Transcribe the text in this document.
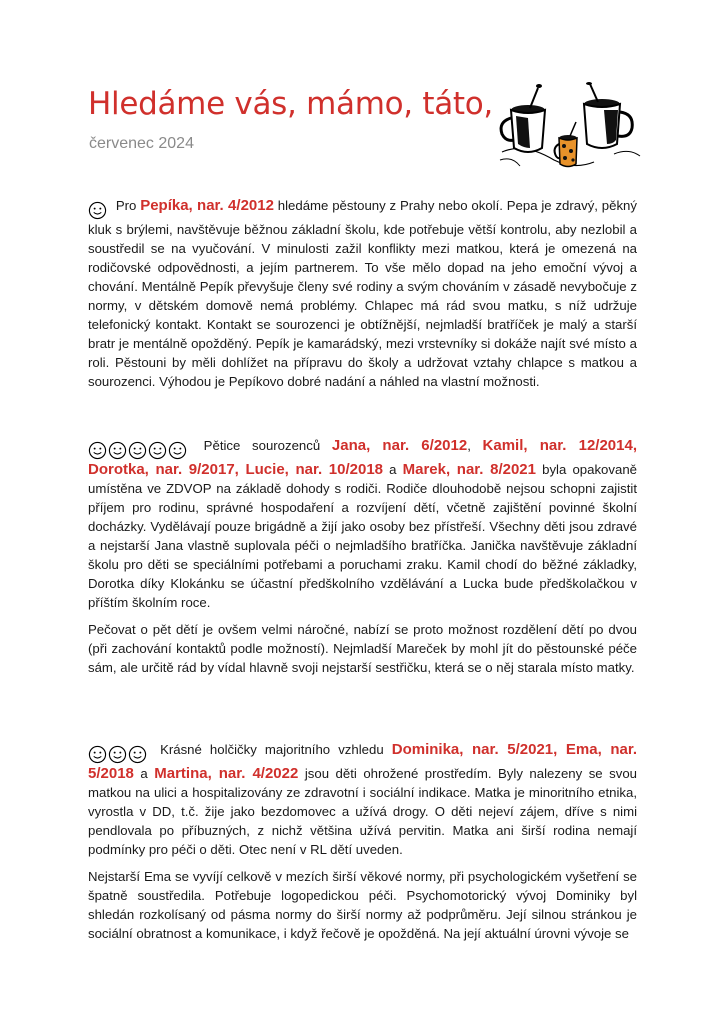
Hledáme vás, mámo, táto,
červenec 2024

Pro Pepíka, nar. 4/2012 hledáme pěstouny z Prahy nebo okolí. Pepa je zdravý, pěkný kluk s brýlemi, navštěvuje běžnou základní školu, kde potřebuje větší kontrolu, aby nezlobil a soustředil se na vyučování. V minulosti zažil konflikty mezi matkou, která je omezená na rodičovské odpovědnosti, a jejím partnerem. To vše mělo dopad na jeho emoční vývoj a chování. Mentálně Pepík převyšuje členy své rodiny a svým chováním v zásadě nevybočuje z normy, v dětském domově nemá problémy. Chlapec má rád svou matku, s níž udržuje telefonický kontakt. Kontakt se sourozenci je obtížnější, nejmladší bratříček je malý a starší bratr je mentálně opožděný. Pepík je kamarádský, mezi vrstevníky si dokáže najít své místo a roli. Pěstouni by měli dohlížet na přípravu do školy a udržovat vztahy chlapce s matkou a sourozenci. Výhodou je Pepíkovo dobré nadání a náhled na vlastní možnosti.

Pětice sourozenců Jana, nar. 6/2012, Kamil, nar. 12/2014, Dorotka, nar. 9/2017, Lucie, nar. 10/2018 a Marek, nar. 8/2021 byla opakovaně umístěna ve ZDVOP na základě dohody s rodiči. Rodiče dlouhodobě nejsou schopni zajistit příjem pro rodinu, správné hospodaření a rozvíjení dětí, včetně zajištění povinné školní docházky. Vydělávají pouze brigádně a žijí jako osoby bez přístřeší. Všechny děti jsou zdravé a nejstarší Jana vlastně suplovala péči o nejmladšího bratříčka. Janička navštěvuje základní školu pro děti se speciálními potřebami a poruchami zraku. Kamil chodí do běžné základky, Dorotka díky Klokánku se účastní předškolního vzdělávání a Lucka bude předškolačkou v příštím školním roce.

Pečovat o pět dětí je ovšem velmi náročné, nabízí se proto možnost rozdělení dětí po dvou (při zachování kontaktů podle možností). Nejmladší Mareček by mohl jít do pěstounské péče sám, ale určitě rád by vídal hlavně svoji nejstarší sestřičku, která se o něj starala místo matky.

Krásné holčičky majoritního vzhledu Dominika, nar. 5/2021, Ema, nar. 5/2018 a Martina, nar. 4/2022 jsou děti ohrožené prostředím. Byly nalezeny se svou matkou na ulici a hospitalizovány ze zdravotní i sociální indikace. Matka je minoritního etnika, vyrostla v DD, t.č. žije jako bezdomovec a užívá drogy. O děti nejeví zájem, dříve s nimi pendlovala po příbuzných, z nichž většina užívá pervitin. Matka ani širší rodina nemají podmínky pro péči o děti. Otec není v RL dětí uveden.

Nejstarší Ema se vyvíjí celkově v mezích širší věkové normy, při psychologickém vyšetření se špatně soustředila. Potřebuje logopedickou péči. Psychomotorický vývoj Dominiky byl shledán rozkolísaný od pásma normy do širší normy až podprůměru. Její silnou stránkou je sociální obratnost a komunikace, i když řečově je opožděná. Na její aktuální úrovni vývoje se
